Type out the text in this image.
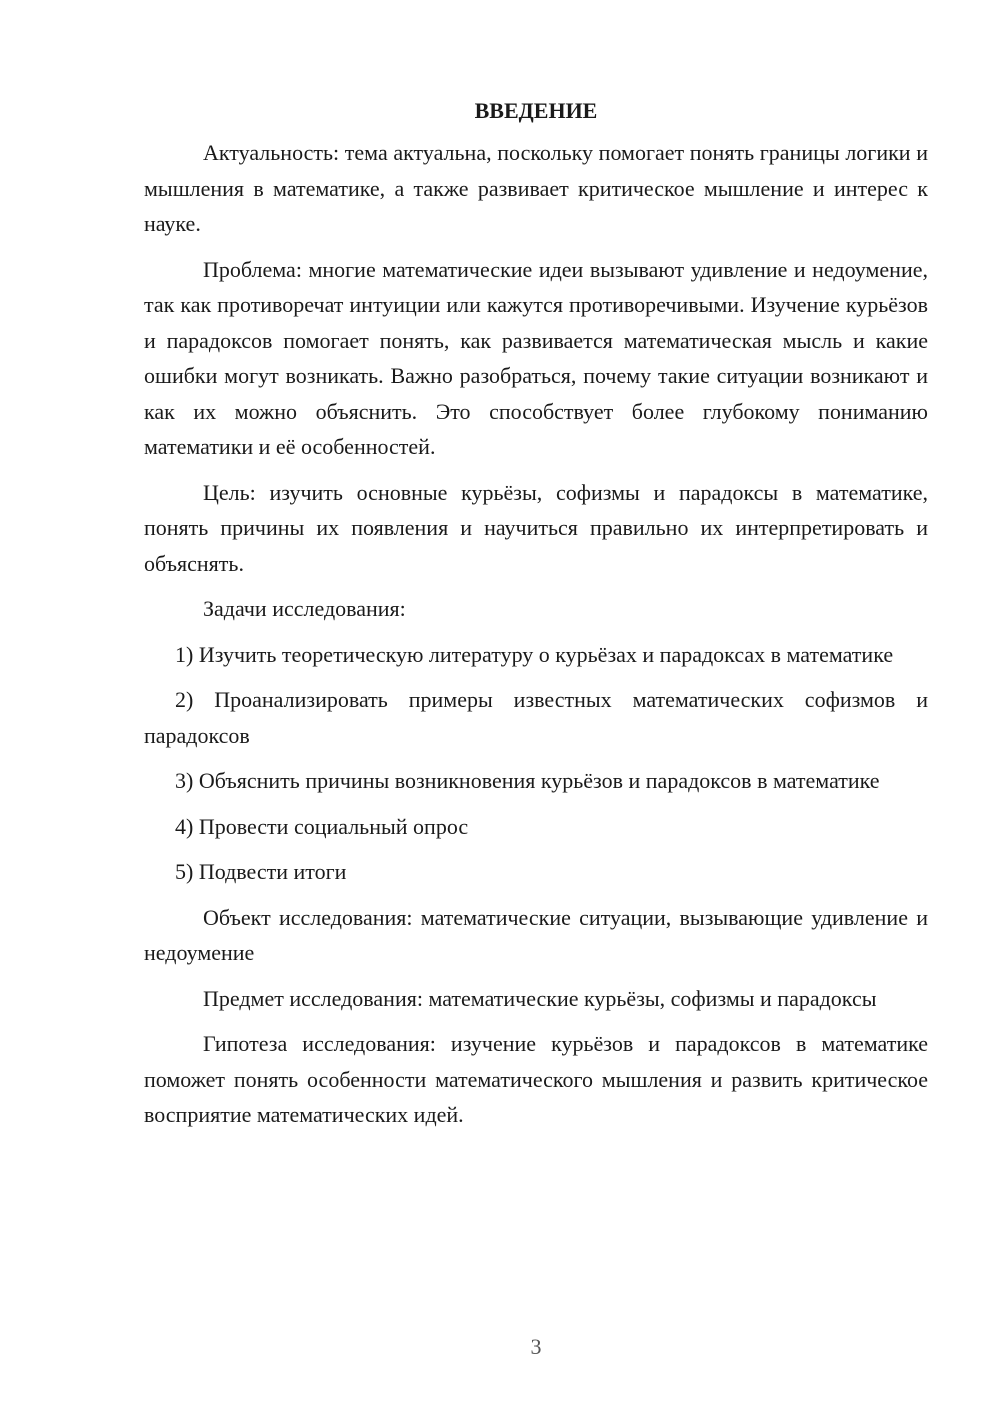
ВВЕДЕНИЕ

Актуальность: тема актуальна, поскольку помогает понять границы логики и мышления в математике, а также развивает критическое мышление и интерес к науке.

Проблема: многие математические идеи вызывают удивление и недоумение, так как противоречат интуиции или кажутся противоречивыми. Изучение курьёзов и парадоксов помогает понять, как развивается математическая мысль и какие ошибки могут возникать. Важно разобраться, почему такие ситуации возникают и как их можно объяснить. Это способствует более глубокому пониманию математики и её особенностей.

Цель: изучить основные курьёзы, софизмы и парадоксы в математике, понять причины их появления и научиться правильно их интерпретировать и объяснять.

Задачи исследования:

1) Изучить теоретическую литературу о курьёзах и парадоксах в математике

2) Проанализировать примеры известных математических софизмов и парадоксов

3) Объяснить причины возникновения курьёзов и парадоксов в математике

4) Провести социальный опрос

5) Подвести итоги

Объект исследования: математические ситуации, вызывающие удивление и недоумение

Предмет исследования: математические курьёзы, софизмы и парадоксы

Гипотеза исследования: изучение курьёзов и парадоксов в математике поможет понять особенности математического мышления и развить критическое восприятие математических идей.

3
